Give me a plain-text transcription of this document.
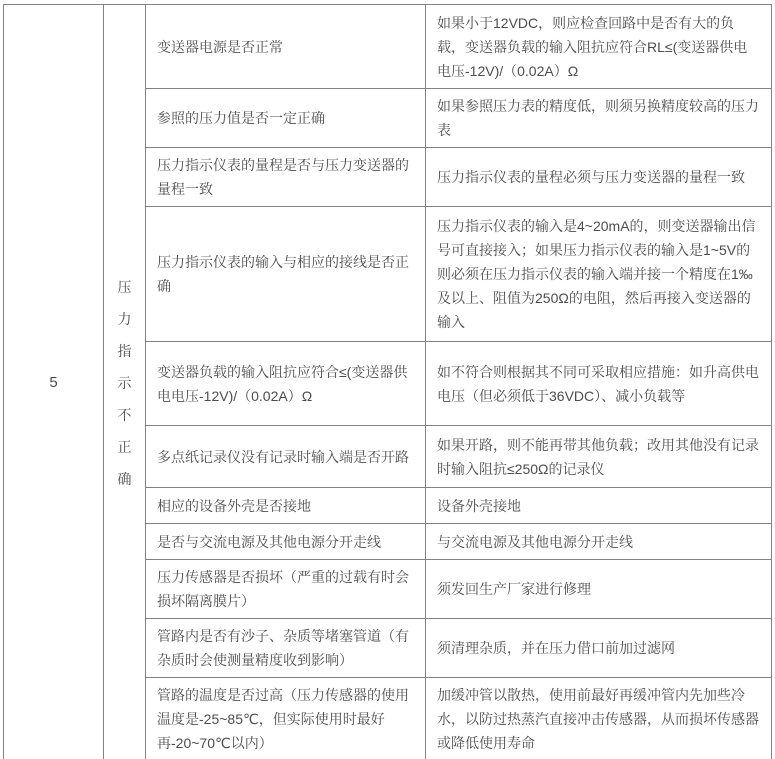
5	压力指示不正确	变送器电源是否正常	如果小于12VDC，则应检查回路中是否有大的负载，变送器负载的输入阻抗应符合RL≤(变送器供电电压-12V)/（0.02A）Ω
		参照的压力值是否一定正确	如果参照压力表的精度低，则须另换精度较高的压力表
		压力指示仪表的量程是否与压力变送器的量程一致	压力指示仪表的量程必须与压力变送器的量程一致
		压力指示仪表的输入与相应的接线是否正确	压力指示仪表的输入是4~20mA的，则变送器输出信号可直接接入；如果压力指示仪表的输入是1~5V的则必须在压力指示仪表的输入端并接一个精度在1‰及以上、阻值为250Ω的电阻，然后再接入变送器的输入
		变送器负载的输入阻抗应符合≤(变送器供电电压-12V)/（0.02A）Ω	如不符合则根据其不同可采取相应措施：如升高供电电压（但必须低于36VDC）、减小负载等
		多点纸记录仪没有记录时输入端是否开路	如果开路，则不能再带其他负载；改用其他没有记录时输入阻抗≤250Ω的记录仪
		相应的设备外壳是否接地	设备外壳接地
		是否与交流电源及其他电源分开走线	与交流电源及其他电源分开走线
		压力传感器是否损坏（严重的过载有时会损坏隔离膜片）	须发回生产厂家进行修理
		管路内是否有沙子、杂质等堵塞管道（有杂质时会使测量精度收到影响）	须清理杂质，并在压力借口前加过滤网
		管路的温度是否过高（压力传感器的使用温度是-25~85℃，但实际使用时最好再-20~70℃以内）	加缓冲管以散热，使用前最好再缓冲管内先加些冷水，以防过热蒸汽直接冲击传感器，从而损坏传感器或降低使用寿命
